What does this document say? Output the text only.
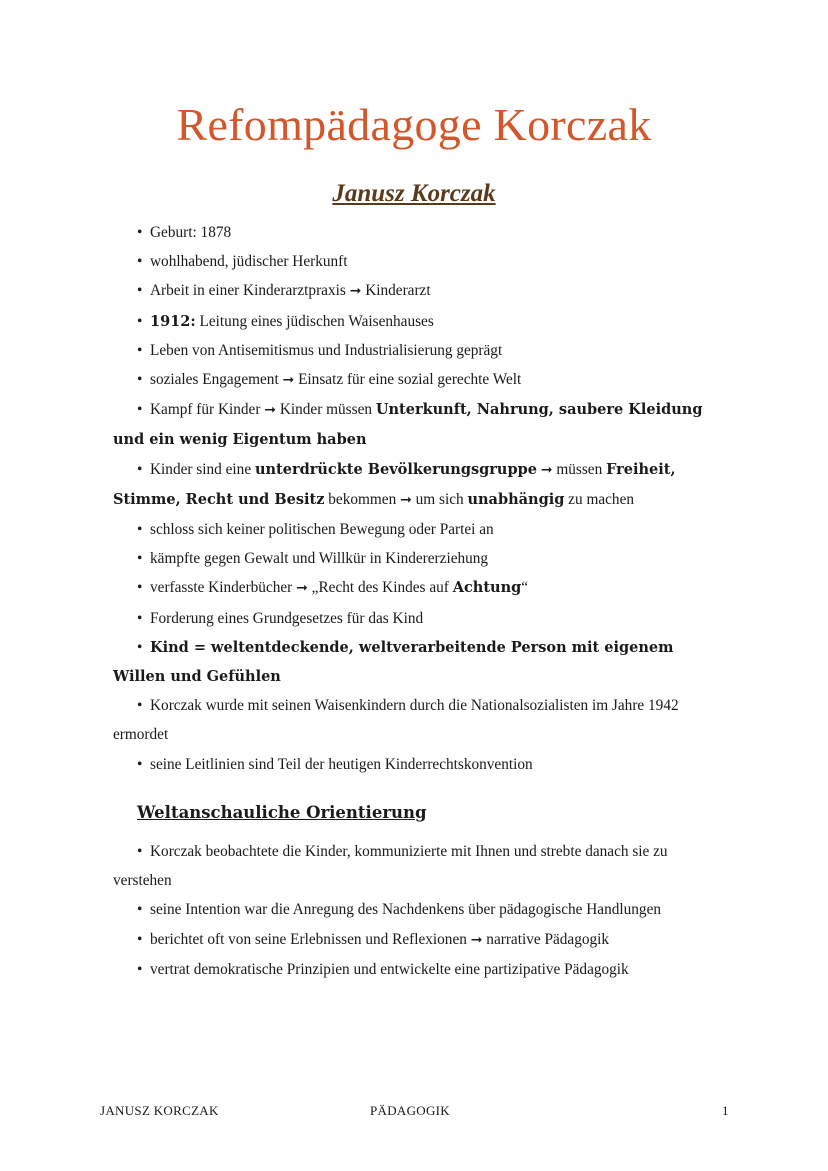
Refompädagoge Korczak
Janusz Korczak

• Geburt: 1878

• wohlhabend, jüdischer Herkunft

• Arbeit in einer Kinderarztpraxis ➞ Kinderarzt

• 1912: Leitung eines jüdischen Waisenhauses

• Leben von Antisemitismus und Industrialisierung geprägt

• soziales Engagement ➞ Einsatz für eine sozial gerechte Welt

• Kampf für Kinder ➞ Kinder müssen Unterkunft, Nahrung, saubere Kleidung und ein wenig Eigentum haben

• Kinder sind eine unterdrückte Bevölkerungsgruppe ➞ müssen Freiheit, Stimme, Recht und Besitz bekommen ➞ um sich unabhängig zu machen

• schloss sich keiner politischen Bewegung oder Partei an

• kämpfte gegen Gewalt und Willkür in Kindererziehung

• verfasste Kinderbücher ➞ „Recht des Kindes auf Achtung“

• Forderung eines Grundgesetzes für das Kind

• Kind = weltentdeckende, weltverarbeitende Person mit eigenem Willen und Gefühlen

• Korczak wurde mit seinen Waisenkindern durch die Nationalsozialisten im Jahre 1942 ermordet

• seine Leitlinien sind Teil der heutigen Kinderrechtskonvention

Weltanschauliche Orientierung

• Korczak beobachtete die Kinder, kommunizierte mit Ihnen und strebte danach sie zu verstehen

• seine Intention war die Anregung des Nachdenkens über pädagogische Handlungen

• berichtet oft von seine Erlebnissen und Reflexionen ➞ narrative Pädagogik

• vertrat demokratische Prinzipien und entwickelte eine partizipative Pädagogik

JANUSZ KORCZAK	PÄDAGOGIK	1
